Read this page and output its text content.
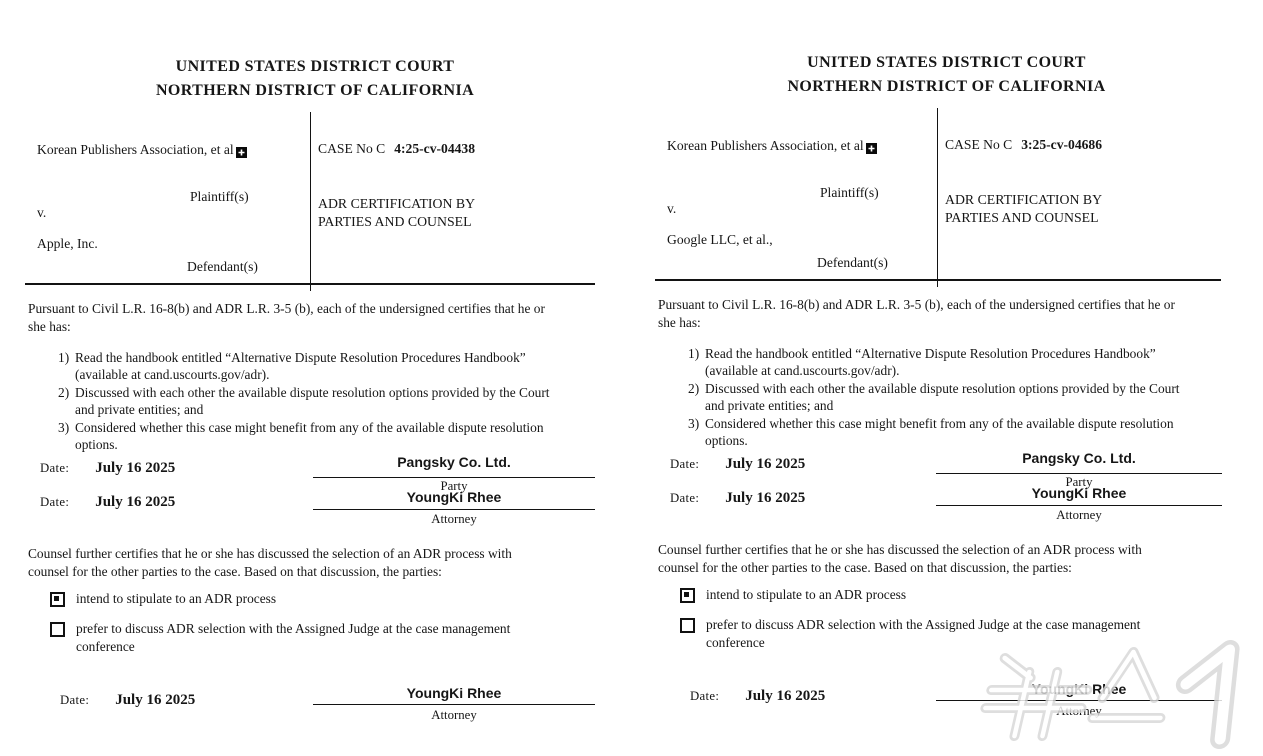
UNITED STATES DISTRICT COURT
NORTHERN DISTRICT OF CALIFORNIA
Korean Publishers Association, et al
Plaintiff(s)
v.
Apple, Inc.
Defendant(s)
CASE No C 4:25-cv-04438
ADR CERTIFICATION BY
PARTIES AND COUNSEL
Pursuant to Civil L.R. 16-8(b) and ADR L.R. 3-5 (b), each of the undersigned certifies that he or
she has:
1) Read the handbook entitled “Alternative Dispute Resolution Procedures Handbook”
(available at cand.uscourts.gov/adr).
2) Discussed with each other the available dispute resolution options provided by the Court
and private entities; and
3) Considered whether this case might benefit from any of the available dispute resolution
options.
Date: July 16 2025	Pangsky Co. Ltd.
Party
Date: July 16 2025	YoungKi Rhee
Attorney
Counsel further certifies that he or she has discussed the selection of an ADR process with
counsel for the other parties to the case. Based on that discussion, the parties:
intend to stipulate to an ADR process
prefer to discuss ADR selection with the Assigned Judge at the case management
conference
Date: July 16 2025	YoungKi Rhee
Attorney
UNITED STATES DISTRICT COURT
NORTHERN DISTRICT OF CALIFORNIA
Korean Publishers Association, et al
Plaintiff(s)
v.
Google LLC, et al.,
Defendant(s)
CASE No C 3:25-cv-04686
ADR CERTIFICATION BY
PARTIES AND COUNSEL
Pursuant to Civil L.R. 16-8(b) and ADR L.R. 3-5 (b), each of the undersigned certifies that he or
she has:
1) Read the handbook entitled “Alternative Dispute Resolution Procedures Handbook”
(available at cand.uscourts.gov/adr).
2) Discussed with each other the available dispute resolution options provided by the Court
and private entities; and
3) Considered whether this case might benefit from any of the available dispute resolution
options.
Date: July 16 2025	Pangsky Co. Ltd.
Party
Date: July 16 2025	YoungKi Rhee
Attorney
Counsel further certifies that he or she has discussed the selection of an ADR process with
counsel for the other parties to the case. Based on that discussion, the parties:
intend to stipulate to an ADR process
prefer to discuss ADR selection with the Assigned Judge at the case management
conference
Date: July 16 2025	YoungKi Rhee
Attorney
